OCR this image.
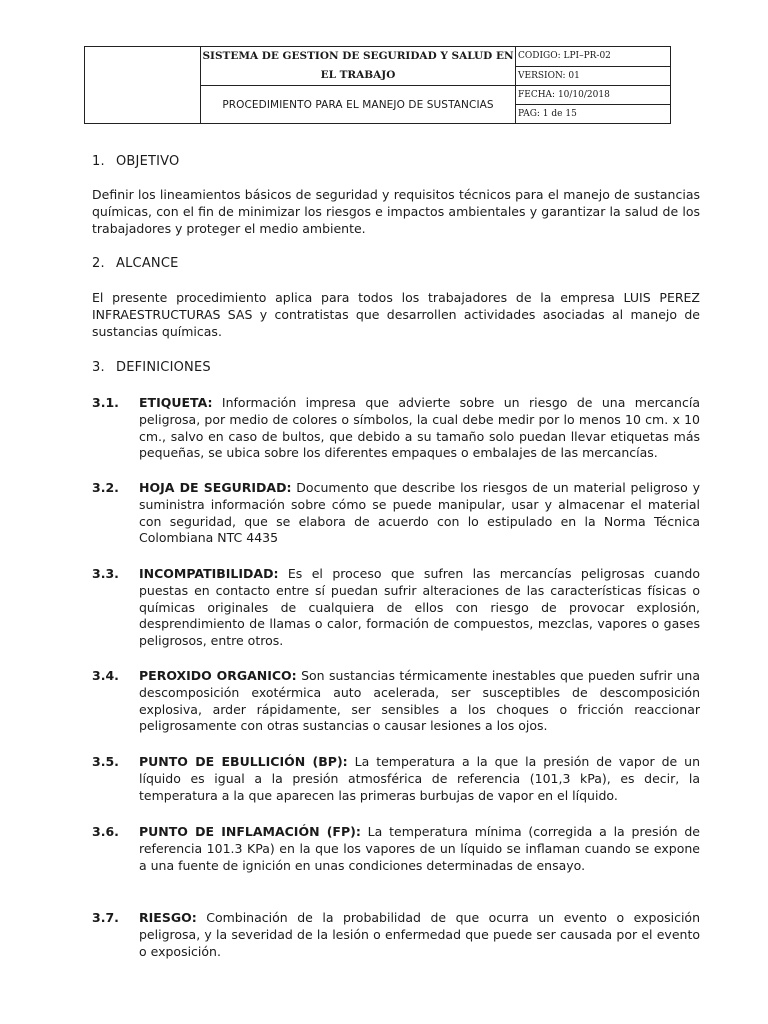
	SISTEMA DE GESTION DE SEGURIDAD Y SALUD EN EL TRABAJO	CODIGO: LPI–PR-02
		VERSION: 01
	PROCEDIMIENTO PARA EL MANEJO DE SUSTANCIAS	FECHA: 10/10/2018
		PAG: 1 de 15
1. OBJETIVO

Definir los lineamientos básicos de seguridad y requisitos técnicos para el manejo de sustancias químicas, con el fin de minimizar los riesgos e impactos ambientales y garantizar la salud de los trabajadores y proteger el medio ambiente.

2. ALCANCE

El presente procedimiento aplica para todos los trabajadores de la empresa LUIS PEREZ INFRAESTRUCTURAS SAS y contratistas que desarrollen actividades asociadas al manejo de sustancias químicas.

3. DEFINICIONES
3.1.	ETIQUETA: Información impresa que advierte sobre un riesgo de una mercancía peligrosa, por medio de colores o símbolos, la cual debe medir por lo menos 10 cm. x 10 cm., salvo en caso de bultos, que debido a su tamaño solo puedan llevar etiquetas más pequeñas, se ubica sobre los diferentes empaques o embalajes de las mercancías.
3.2.	HOJA DE SEGURIDAD: Documento que describe los riesgos de un material peligroso y suministra información sobre cómo se puede manipular, usar y almacenar el material con seguridad, que se elabora de acuerdo con lo estipulado en la Norma Técnica Colombiana NTC 4435
3.3.	INCOMPATIBILIDAD: Es el proceso que sufren las mercancías peligrosas cuando puestas en contacto entre sí puedan sufrir alteraciones de las características físicas o químicas originales de cualquiera de ellos con riesgo de provocar explosión, desprendimiento de llamas o calor, formación de compuestos, mezclas, vapores o gases peligrosos, entre otros.
3.4.	PEROXIDO ORGANICO: Son sustancias térmicamente inestables que pueden sufrir una descomposición exotérmica auto acelerada, ser susceptibles de descomposición explosiva, arder rápidamente, ser sensibles a los choques o fricción reaccionar peligrosamente con otras sustancias o causar lesiones a los ojos.
3.5.	PUNTO DE EBULLICIÓN (BP): La temperatura a la que la presión de vapor de un líquido es igual a la presión atmosférica de referencia (101,3 kPa), es decir, la temperatura a la que aparecen las primeras burbujas de vapor en el líquido.
3.6.	PUNTO DE INFLAMACIÓN (FP): La temperatura mínima (corregida a la presión de referencia 101.3 KPa) en la que los vapores de un líquido se inflaman cuando se expone a una fuente de ignición en unas condiciones determinadas de ensayo.
3.7.	RIESGO: Combinación de la probabilidad de que ocurra un evento o exposición peligrosa, y la severidad de la lesión o enfermedad que puede ser causada por el evento o exposición.
